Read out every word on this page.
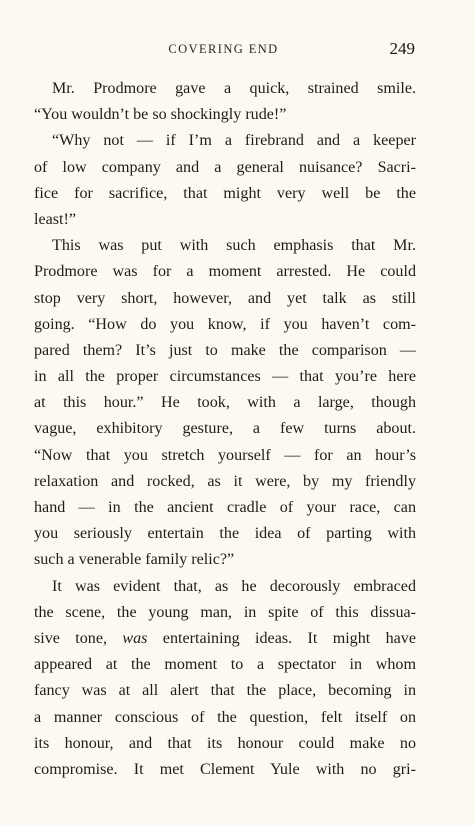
COVERING END	249
Mr. Prodmore gave a quick, strained smile.
“You wouldn’t be so shockingly rude!”
“Why not — if I’m a firebrand and a keeper
of low company and a general nuisance? Sacri-
fice for sacrifice, that might very well be the
least!”
This was put with such emphasis that Mr.
Prodmore was for a moment arrested. He could
stop very short, however, and yet talk as still
going. “How do you know, if you haven’t com-
pared them? It’s just to make the comparison —
in all the proper circumstances — that you’re here
at this hour.” He took, with a large, though
vague, exhibitory gesture, a few turns about.
“Now that you stretch yourself — for an hour’s
relaxation and rocked, as it were, by my friendly
hand — in the ancient cradle of your race, can
you seriously entertain the idea of parting with
such a venerable family relic?”
It was evident that, as he decorously embraced
the scene, the young man, in spite of this dissua-
sive tone, was entertaining ideas. It might have
appeared at the moment to a spectator in whom
fancy was at all alert that the place, becoming in
a manner conscious of the question, felt itself on
its honour, and that its honour could make no
compromise. It met Clement Yule with no gri-
